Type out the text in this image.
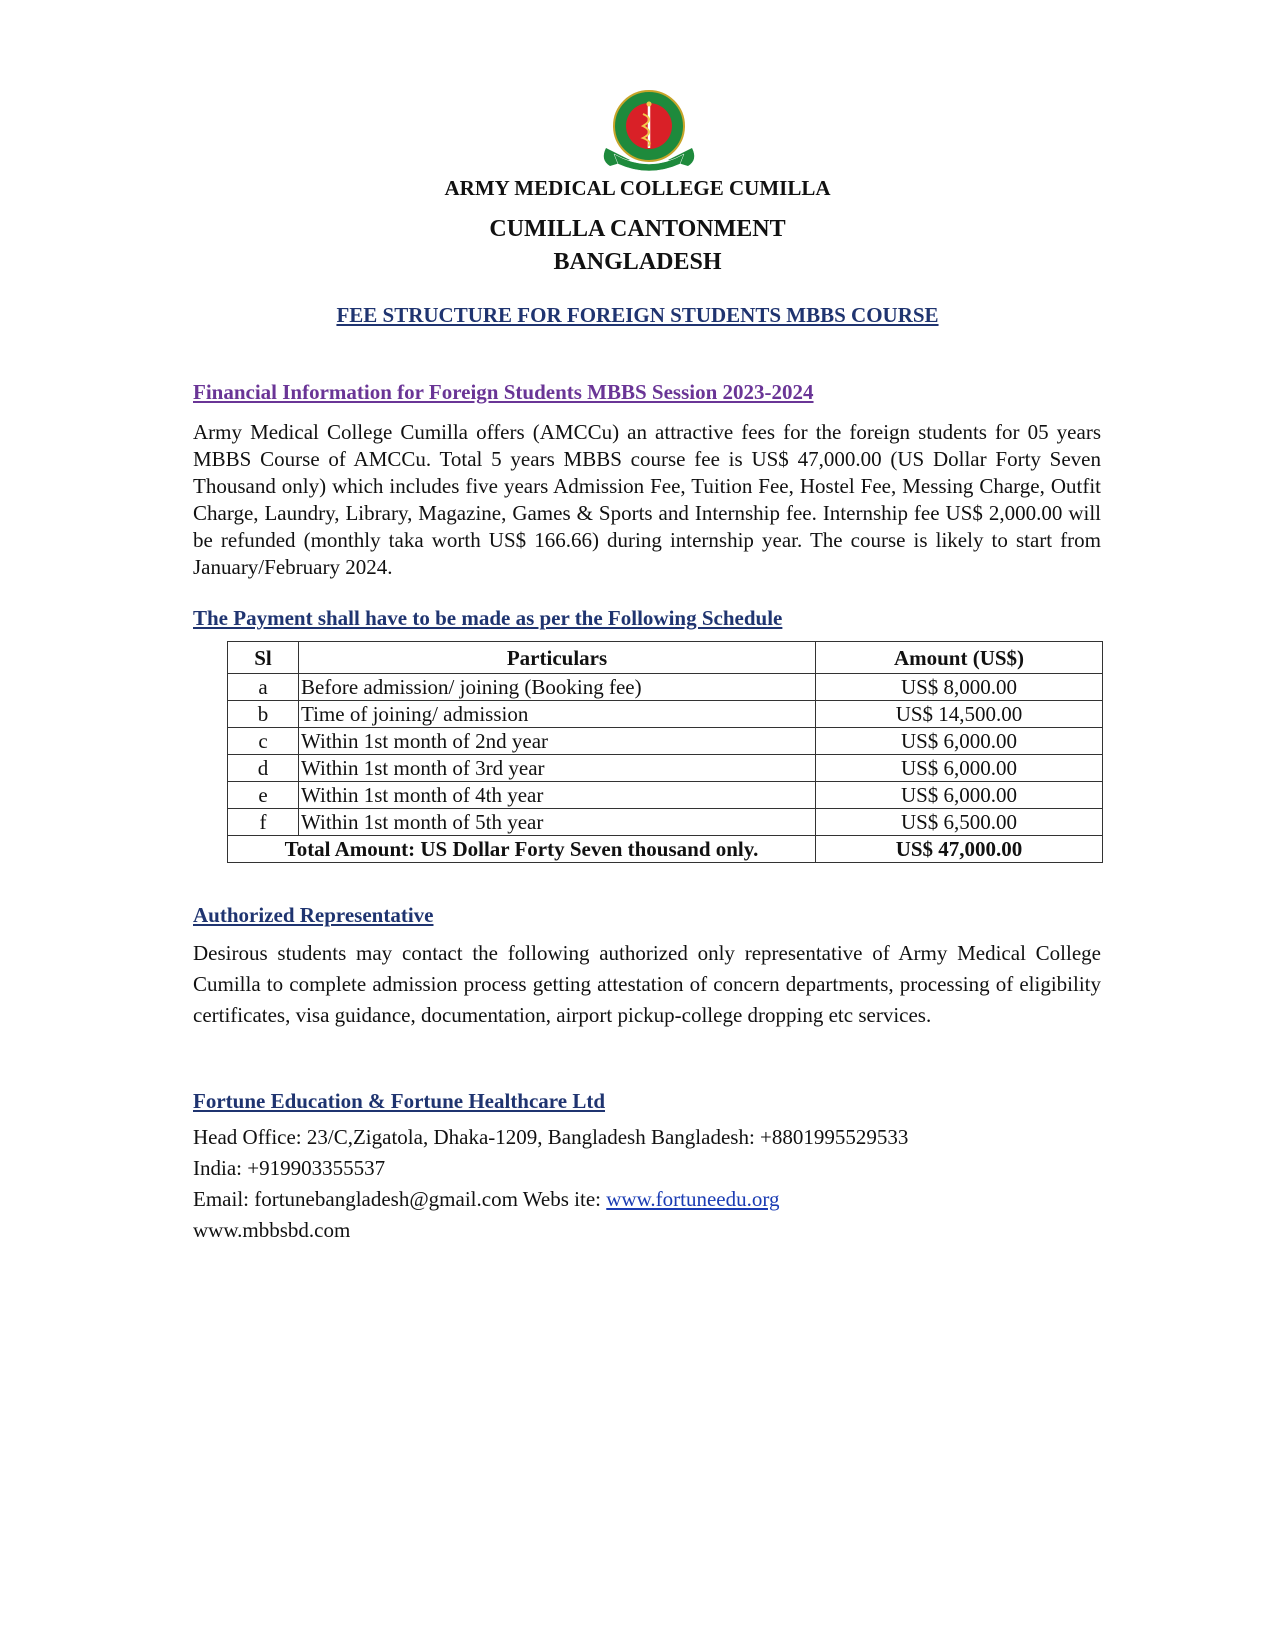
ARMY MEDICAL COLLEGE CUMILLA
CUMILLA CANTONMENT
BANGLADESH
FEE STRUCTURE FOR FOREIGN STUDENTS MBBS COURSE

Financial Information for Foreign Students MBBS Session 2023-2024

Army Medical College Cumilla offers (AMCCu) an attractive fees for the foreign students for 05 years MBBS Course of AMCCu. Total 5 years MBBS course fee is US$ 47,000.00 (US Dollar Forty Seven Thousand only) which includes five years Admission Fee, Tuition Fee, Hostel Fee, Messing Charge, Outfit Charge, Laundry, Library, Magazine, Games & Sports and Internship fee. Internship fee US$ 2,000.00 will be refunded (monthly taka worth US$ 166.66) during internship year. The course is likely to start from January/February 2024.

The Payment shall have to be made as per the Following Schedule

Sl	Particulars	Amount (US$)
a	Before admission/ joining (Booking fee)	US$ 8,000.00
b	Time of joining/ admission	US$ 14,500.00
c	Within 1st month of 2nd year	US$ 6,000.00
d	Within 1st month of 3rd year	US$ 6,000.00
e	Within 1st month of 4th year	US$ 6,000.00
f	Within 1st month of 5th year	US$ 6,500.00
Total Amount: US Dollar Forty Seven thousand only.		US$ 47,000.00

Authorized Representative

Desirous students may contact the following authorized only representative of Army Medical College Cumilla to complete admission process getting attestation of concern departments, processing of eligibility certificates, visa guidance, documentation, airport pickup-college dropping etc services.

Fortune Education & Fortune Healthcare Ltd

Head Office: 23/C,Zigatola, Dhaka-1209, Bangladesh Bangladesh: +8801995529533
India: +919903355537
Email: fortunebangladesh@gmail.com Webs ite: www.fortuneedu.org
www.mbbsbd.com
